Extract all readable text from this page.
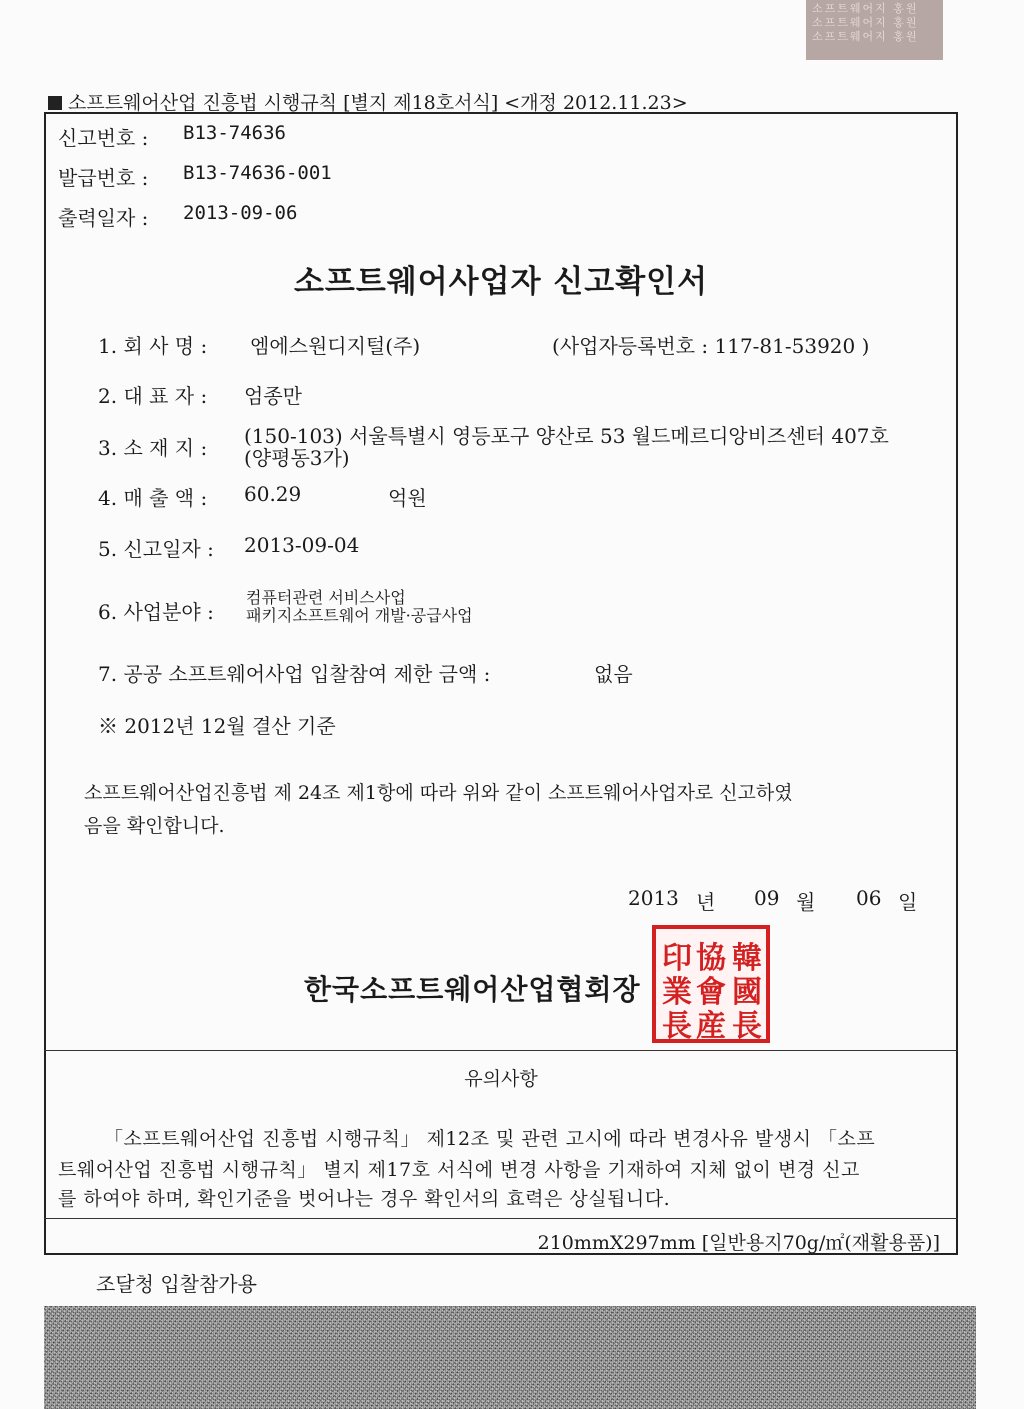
소프트웨어지 홍원
소프트웨어지 홍원
소프트웨어지 홍원
소프트웨어산업 진흥법 시행규칙 [별지 제18호서식] <개정 2012.11.23>
신고번호 : B13-74636
발급번호 : B13-74636-001
출력일자 : 2013-09-06
소프트웨어사업자 신고확인서
1. 회 사 명 : 엠에스원디지털(주)	(사업자등록번호 : 117-81-53920 )
2. 대 표 자 : 엄종만
3. 소 재 지 : (150-103) 서울특별시 영등포구 양산로 53 월드메르디앙비즈센터 407호
(양평동3가)
4. 매 출 액 : 60.29	억원
5. 신고일자 : 2013-09-04
6. 사업분야 :
컴퓨터관련 서비스사업
패키지소프트웨어 개발·공급사업
7. 공공 소프트웨어사업 입찰참여 제한 금액 :	없음
※ 2012년 12월 결산 기준
소프트웨어산업진흥법 제 24조 제1항에 따라 위와 같이 소프트웨어사업자로 신고하였
음을 확인합니다.
2013 년 09 월 06 일
한국소프트웨어산업협회장
印 協 韓
業 會 國
長 産 長
유의사항
「소프트웨어산업 진흥법 시행규칙」 제12조 및 관련 고시에 따라 변경사유 발생시 「소프
트웨어산업 진흥법 시행규칙」 별지 제17호 서식에 변경 사항을 기재하여 지체 없이 변경 신고
를 하여야 하며, 확인기준을 벗어나는 경우 확인서의 효력은 상실됩니다.
210mmX297mm [일반용지70g/㎡(재활용품)]
조달청 입찰참가용
